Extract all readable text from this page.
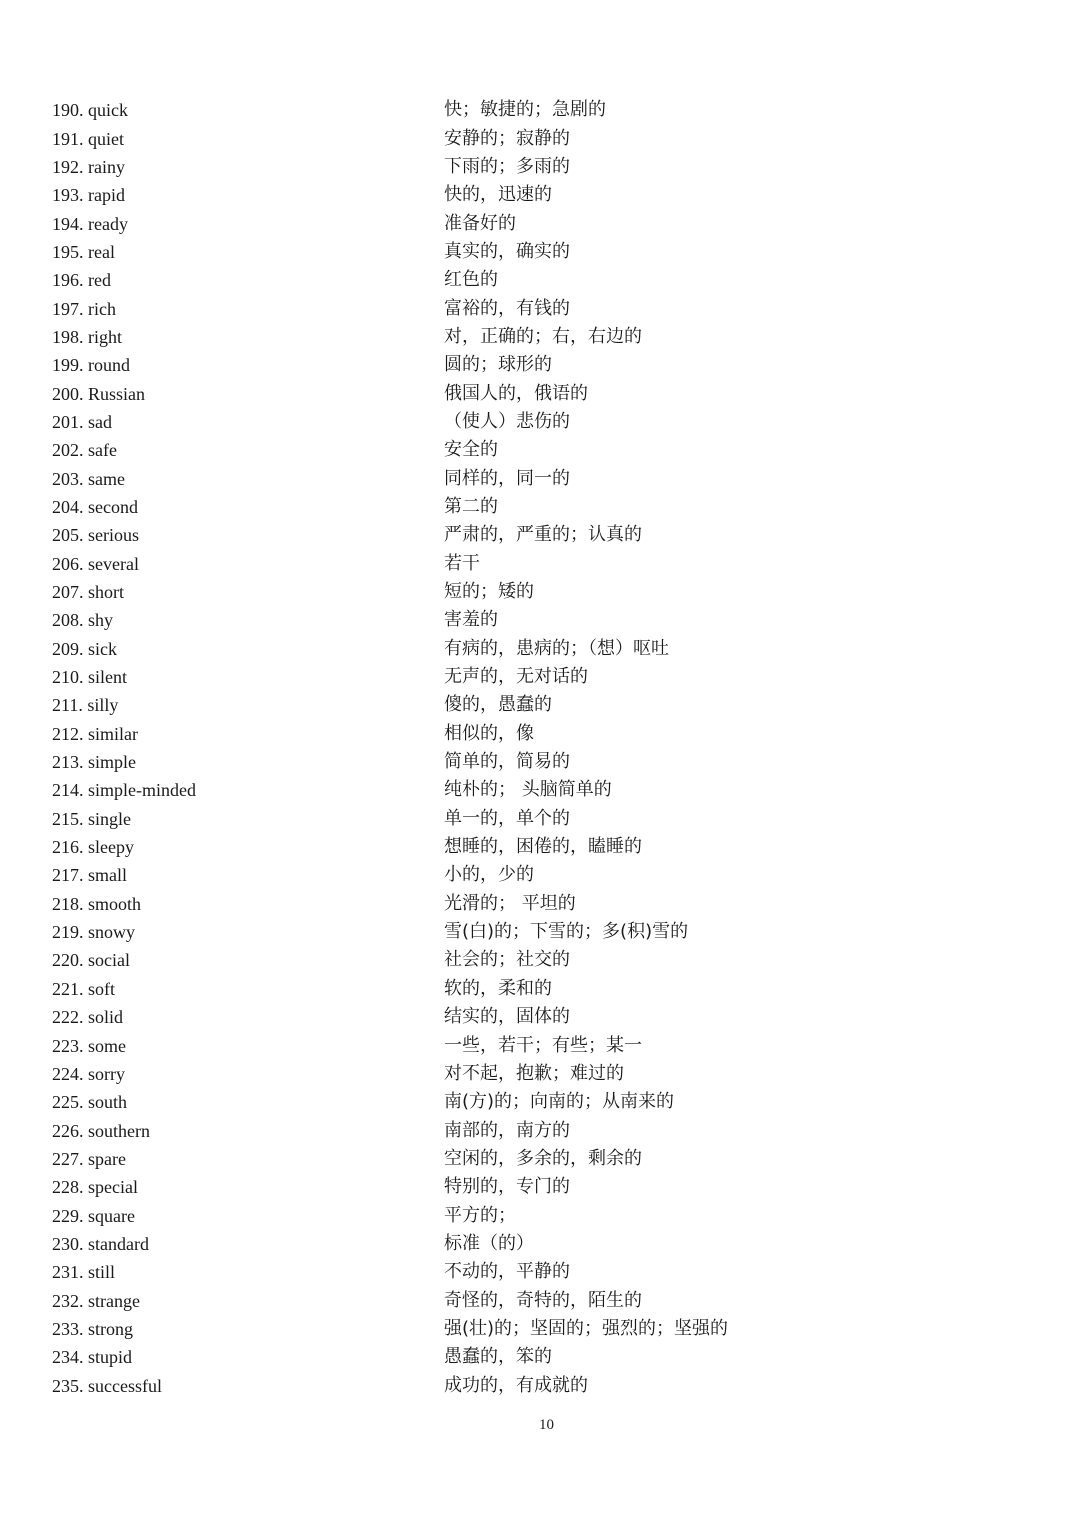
190. quick	快；敏捷的；急剧的
191. quiet	安静的；寂静的
192. rainy	下雨的；多雨的
193. rapid	快的，迅速的
194. ready	准备好的
195. real	真实的，确实的
196. red	红色的
197. rich	富裕的，有钱的
198. right	对，正确的；右，右边的
199. round	圆的；球形的
200. Russian	俄国人的，俄语的
201. sad	（使人）悲伤的
202. safe	安全的
203. same	同样的，同一的
204. second	第二的
205. serious	严肃的，严重的；认真的
206. several	若干
207. short	短的；矮的
208. shy	害羞的
209. sick	有病的，患病的；（想）呕吐
210. silent	无声的，无对话的
211. silly	傻的，愚蠢的
212. similar	相似的，像
213. simple	简单的，简易的
214. simple-minded	纯朴的； 头脑简单的
215. single	单一的，单个的
216. sleepy	想睡的，困倦的，瞌睡的
217. small	小的，少的
218. smooth	光滑的； 平坦的
219. snowy	雪(白)的；下雪的；多(积)雪的
220. social	社会的；社交的
221. soft	软的，柔和的
222. solid	结实的，固体的
223. some	一些，若干；有些；某一
224. sorry	对不起，抱歉；难过的
225. south	南(方)的；向南的；从南来的
226. southern	南部的，南方的
227. spare	空闲的，多余的，剩余的
228. special	特别的，专门的
229. square	平方的；
230. standard	标准（的）
231. still	不动的，平静的
232. strange	奇怪的，奇特的，陌生的
233. strong	强(壮)的；坚固的；强烈的；坚强的
234. stupid	愚蠢的，笨的
235. successful	成功的，有成就的
10
